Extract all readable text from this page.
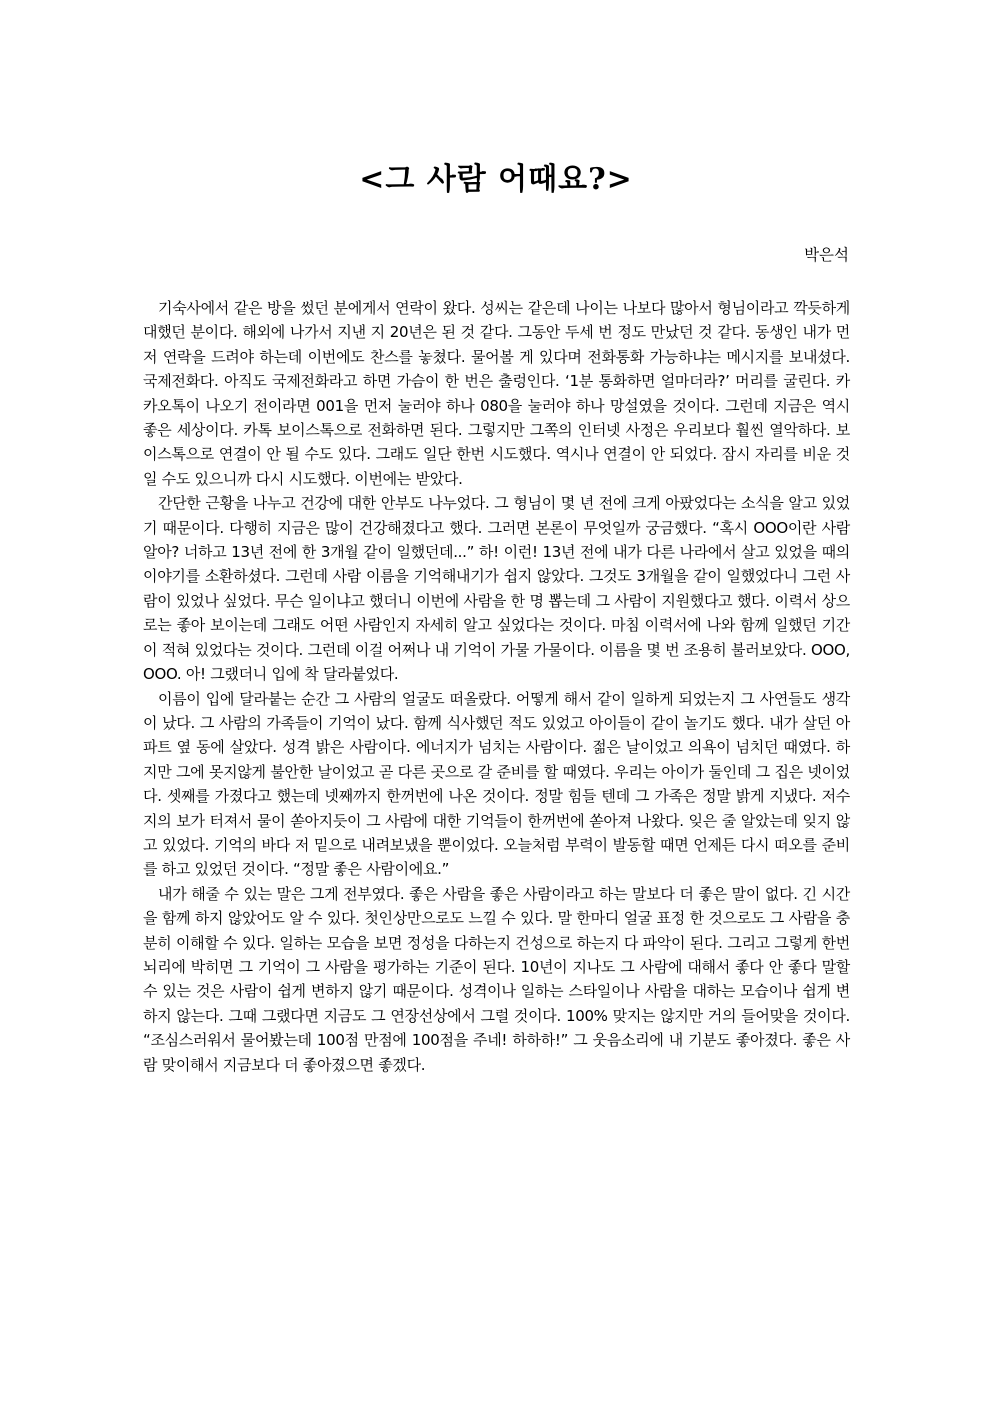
<그 사람 어때요?>
박은석

기숙사에서 같은 방을 썼던 분에게서 연락이 왔다. 성씨는 같은데 나이는 나보다 많아서 형님이라고 깍듯하게 대했던 분이다. 해외에 나가서 지낸 지 20년은 된 것 같다. 그동안 두세 번 정도 만났던 것 같다. 동생인 내가 먼저 연락을 드려야 하는데 이번에도 찬스를 놓쳤다. 물어볼 게 있다며 전화통화 가능하냐는 메시지를 보내셨다. 국제전화다. 아직도 국제전화라고 하면 가슴이 한 번은 출렁인다. ‘1분 통화하면 얼마더라?’ 머리를 굴린다. 카카오톡이 나오기 전이라면 001을 먼저 눌러야 하나 080을 눌러야 하나 망설였을 것이다. 그런데 지금은 역시 좋은 세상이다. 카톡 보이스톡으로 전화하면 된다. 그렇지만 그쪽의 인터넷 사정은 우리보다 훨씬 열악하다. 보이스톡으로 연결이 안 될 수도 있다. 그래도 일단 한번 시도했다. 역시나 연결이 안 되었다. 잠시 자리를 비운 것일 수도 있으니까 다시 시도했다. 이번에는 받았다.

간단한 근황을 나누고 건강에 대한 안부도 나누었다. 그 형님이 몇 년 전에 크게 아팠었다는 소식을 알고 있었기 때문이다. 다행히 지금은 많이 건강해졌다고 했다. 그러면 본론이 무엇일까 궁금했다. “혹시 OOO이란 사람 알아? 너하고 13년 전에 한 3개월 같이 일했던데...” 하! 이런! 13년 전에 내가 다른 나라에서 살고 있었을 때의 이야기를 소환하셨다. 그런데 사람 이름을 기억해내기가 쉽지 않았다. 그것도 3개월을 같이 일했었다니 그런 사람이 있었나 싶었다. 무슨 일이냐고 했더니 이번에 사람을 한 명 뽑는데 그 사람이 지원했다고 했다. 이력서 상으로는 좋아 보이는데 그래도 어떤 사람인지 자세히 알고 싶었다는 것이다. 마침 이력서에 나와 함께 일했던 기간이 적혀 있었다는 것이다. 그런데 이걸 어쩌나 내 기억이 가물 가물이다. 이름을 몇 번 조용히 불러보았다. OOO, OOO. 아! 그랬더니 입에 착 달라붙었다.

이름이 입에 달라붙는 순간 그 사람의 얼굴도 떠올랐다. 어떻게 해서 같이 일하게 되었는지 그 사연들도 생각이 났다. 그 사람의 가족들이 기억이 났다. 함께 식사했던 적도 있었고 아이들이 같이 놀기도 했다. 내가 살던 아파트 옆 동에 살았다. 성격 밝은 사람이다. 에너지가 넘치는 사람이다. 젊은 날이었고 의욕이 넘치던 때였다. 하지만 그에 못지않게 불안한 날이었고 곧 다른 곳으로 갈 준비를 할 때였다. 우리는 아이가 둘인데 그 집은 넷이었다. 셋째를 가졌다고 했는데 넷째까지 한꺼번에 나온 것이다. 정말 힘들 텐데 그 가족은 정말 밝게 지냈다. 저수지의 보가 터져서 물이 쏟아지듯이 그 사람에 대한 기억들이 한꺼번에 쏟아져 나왔다. 잊은 줄 알았는데 잊지 않고 있었다. 기억의 바다 저 밑으로 내려보냈을 뿐이었다. 오늘처럼 부력이 발동할 때면 언제든 다시 떠오를 준비를 하고 있었던 것이다. “정말 좋은 사람이에요.”

내가 해줄 수 있는 말은 그게 전부였다. 좋은 사람을 좋은 사람이라고 하는 말보다 더 좋은 말이 없다. 긴 시간을 함께 하지 않았어도 알 수 있다. 첫인상만으로도 느낄 수 있다. 말 한마디 얼굴 표정 한 것으로도 그 사람을 충분히 이해할 수 있다. 일하는 모습을 보면 정성을 다하는지 건성으로 하는지 다 파악이 된다. 그리고 그렇게 한번 뇌리에 박히면 그 기억이 그 사람을 평가하는 기준이 된다. 10년이 지나도 그 사람에 대해서 좋다 안 좋다 말할 수 있는 것은 사람이 쉽게 변하지 않기 때문이다. 성격이나 일하는 스타일이나 사람을 대하는 모습이나 쉽게 변하지 않는다. 그때 그랬다면 지금도 그 연장선상에서 그럴 것이다. 100% 맞지는 않지만 거의 들어맞을 것이다. “조심스러워서 물어봤는데 100점 만점에 100점을 주네! 하하하!” 그 웃음소리에 내 기분도 좋아졌다. 좋은 사람 맞이해서 지금보다 더 좋아졌으면 좋겠다.
